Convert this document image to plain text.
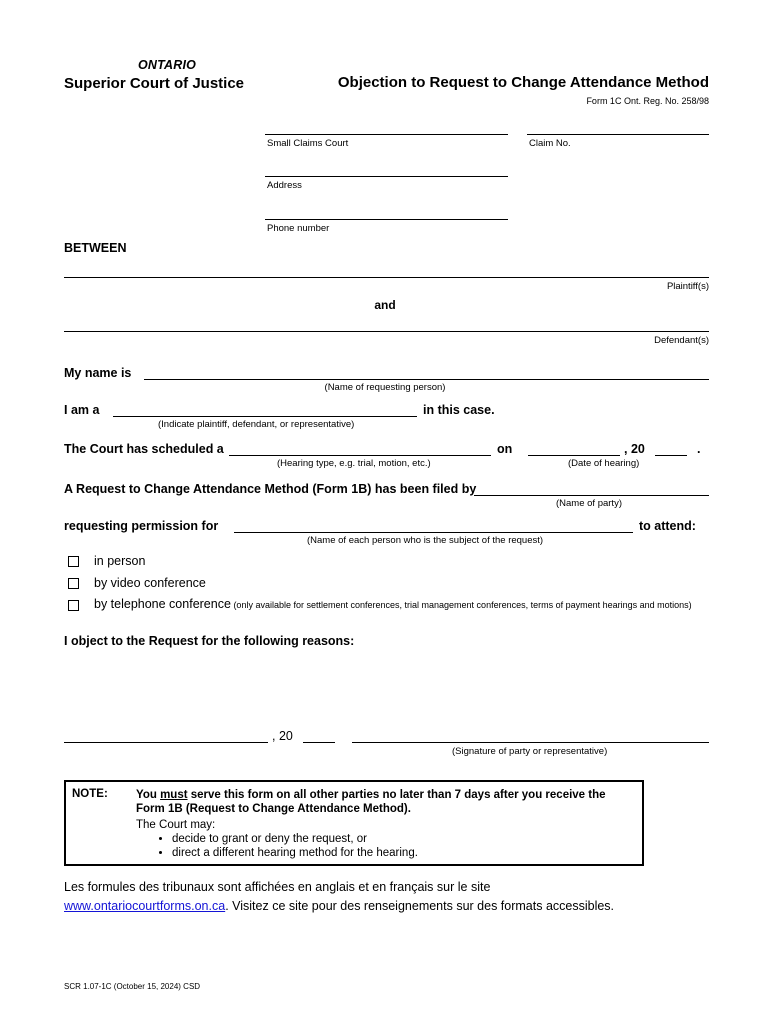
ONTARIO
Superior Court of Justice	Objection to Request to Change Attendance Method
Form 1C Ont. Reg. No. 258/98
Small Claims Court	Claim No.
Address
Phone number
BETWEEN
Plaintiff(s)
and
Defendant(s)
My name is
(Name of requesting person)
I am a	in this case.
(Indicate plaintiff, defendant, or representative)
The Court has scheduled a
(Hearing type, e.g. trial, motion, etc.)
on	, 20	.
(Date of hearing)
A Request to Change Attendance Method (Form 1B) has been filed by
(Name of party)
requesting permission for	to attend:
(Name of each person who is the subject of the request)
in person
by video conference
by telephone conference (only available for settlement conferences, trial management conferences, terms of payment hearings and motions)
I object to the Request for the following reasons:
, 20
(Signature of party or representative)
NOTE: You must serve this form on all other parties no later than 7 days after you receive the Form 1B (Request to Change Attendance Method).
The Court may:
• decide to grant or deny the request, or
• direct a different hearing method for the hearing.
Les formules des tribunaux sont affichées en anglais et en français sur le site
www.ontariocourtforms.on.ca. Visitez ce site pour des renseignements sur des formats accessibles.
SCR 1.07-1C (October 15, 2024) CSD
